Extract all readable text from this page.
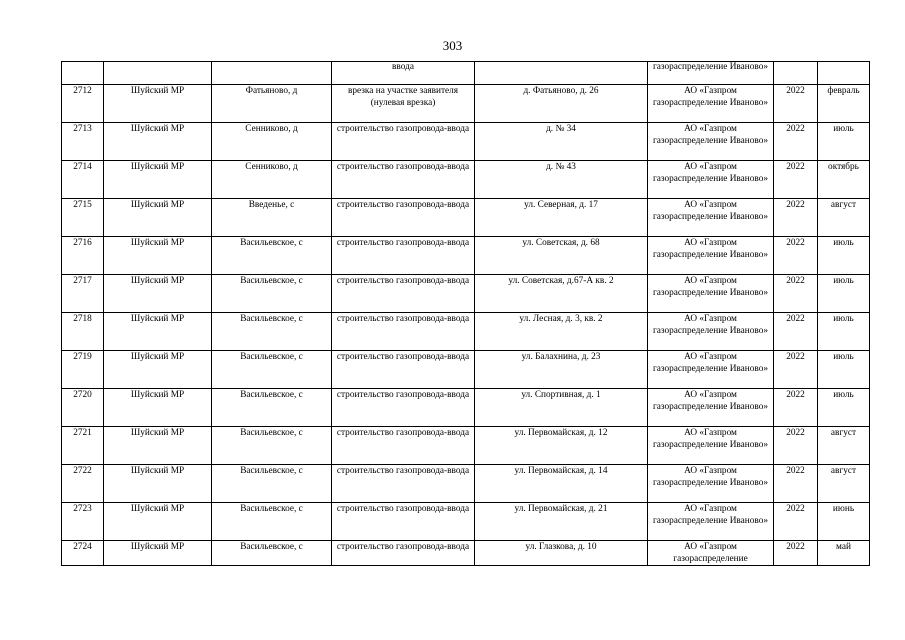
303
			ввода		газораспределение Иваново»		
2712	Шуйский МР	Фатьяново, д	врезка на участке заявителя (нулевая врезка)	д. Фатьяново, д. 26	АО «Газпром газораспределение Иваново»	2022	февраль
2713	Шуйский МР	Сенниково, д	строительство газопровода-ввода	д. № 34	АО «Газпром газораспределение Иваново»	2022	июль
2714	Шуйский МР	Сенниково, д	строительство газопровода-ввода	д. № 43	АО «Газпром газораспределение Иваново»	2022	октябрь
2715	Шуйский МР	Введенье, с	строительство газопровода-ввода	ул. Северная, д. 17	АО «Газпром газораспределение Иваново»	2022	август
2716	Шуйский МР	Васильевское, с	строительство газопровода-ввода	ул. Советская, д. 68	АО «Газпром газораспределение Иваново»	2022	июль
2717	Шуйский МР	Васильевское, с	строительство газопровода-ввода	ул. Советская, д.67-А кв. 2	АО «Газпром газораспределение Иваново»	2022	июль
2718	Шуйский МР	Васильевское, с	строительство газопровода-ввода	ул. Лесная, д. 3, кв. 2	АО «Газпром газораспределение Иваново»	2022	июль
2719	Шуйский МР	Васильевское, с	строительство газопровода-ввода	ул. Балахнина, д. 23	АО «Газпром газораспределение Иваново»	2022	июль
2720	Шуйский МР	Васильевское, с	строительство газопровода-ввода	ул. Спортивная, д. 1	АО «Газпром газораспределение Иваново»	2022	июль
2721	Шуйский МР	Васильевское, с	строительство газопровода-ввода	ул. Первомайская, д. 12	АО «Газпром газораспределение Иваново»	2022	август
2722	Шуйский МР	Васильевское, с	строительство газопровода-ввода	ул. Первомайская, д. 14	АО «Газпром газораспределение Иваново»	2022	август
2723	Шуйский МР	Васильевское, с	строительство газопровода-ввода	ул. Первомайская, д. 21	АО «Газпром газораспределение Иваново»	2022	июнь
2724	Шуйский МР	Васильевское, с	строительство газопровода-ввода	ул. Глазкова, д. 10	АО «Газпром газораспределение	2022	май
